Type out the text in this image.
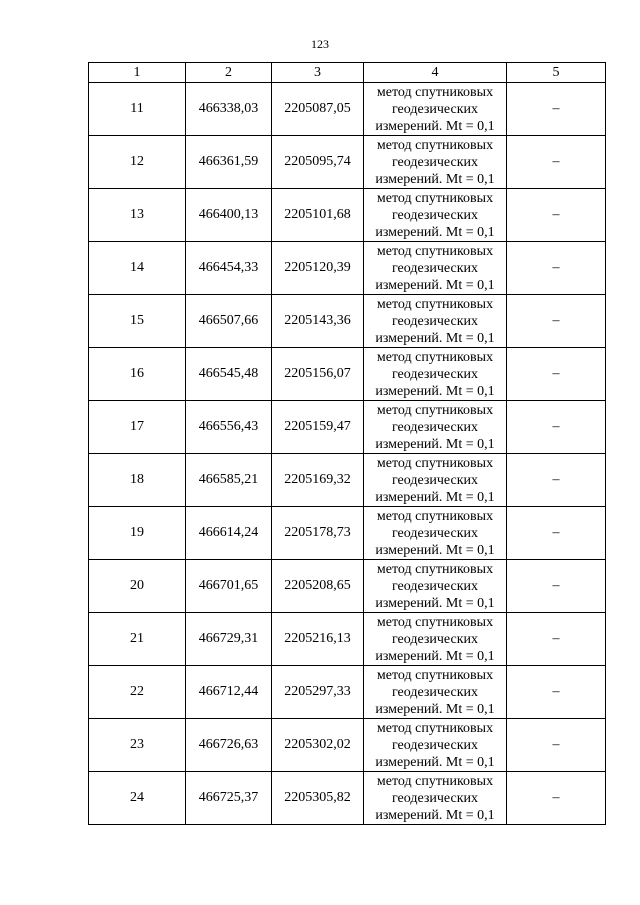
123
1	2	3	4	5
11	466338,03	2205087,05	метод спутниковых
геодезических
измерений. Mt = 0,1	–
12	466361,59	2205095,74	метод спутниковых
геодезических
измерений. Mt = 0,1	–
13	466400,13	2205101,68	метод спутниковых
геодезических
измерений. Mt = 0,1	–
14	466454,33	2205120,39	метод спутниковых
геодезических
измерений. Mt = 0,1	–
15	466507,66	2205143,36	метод спутниковых
геодезических
измерений. Mt = 0,1	–
16	466545,48	2205156,07	метод спутниковых
геодезических
измерений. Mt = 0,1	–
17	466556,43	2205159,47	метод спутниковых
геодезических
измерений. Mt = 0,1	–
18	466585,21	2205169,32	метод спутниковых
геодезических
измерений. Mt = 0,1	–
19	466614,24	2205178,73	метод спутниковых
геодезических
измерений. Mt = 0,1	–
20	466701,65	2205208,65	метод спутниковых
геодезических
измерений. Mt = 0,1	–
21	466729,31	2205216,13	метод спутниковых
геодезических
измерений. Mt = 0,1	–
22	466712,44	2205297,33	метод спутниковых
геодезических
измерений. Mt = 0,1	–
23	466726,63	2205302,02	метод спутниковых
геодезических
измерений. Mt = 0,1	–
24	466725,37	2205305,82	метод спутниковых
геодезических
измерений. Mt = 0,1	–
